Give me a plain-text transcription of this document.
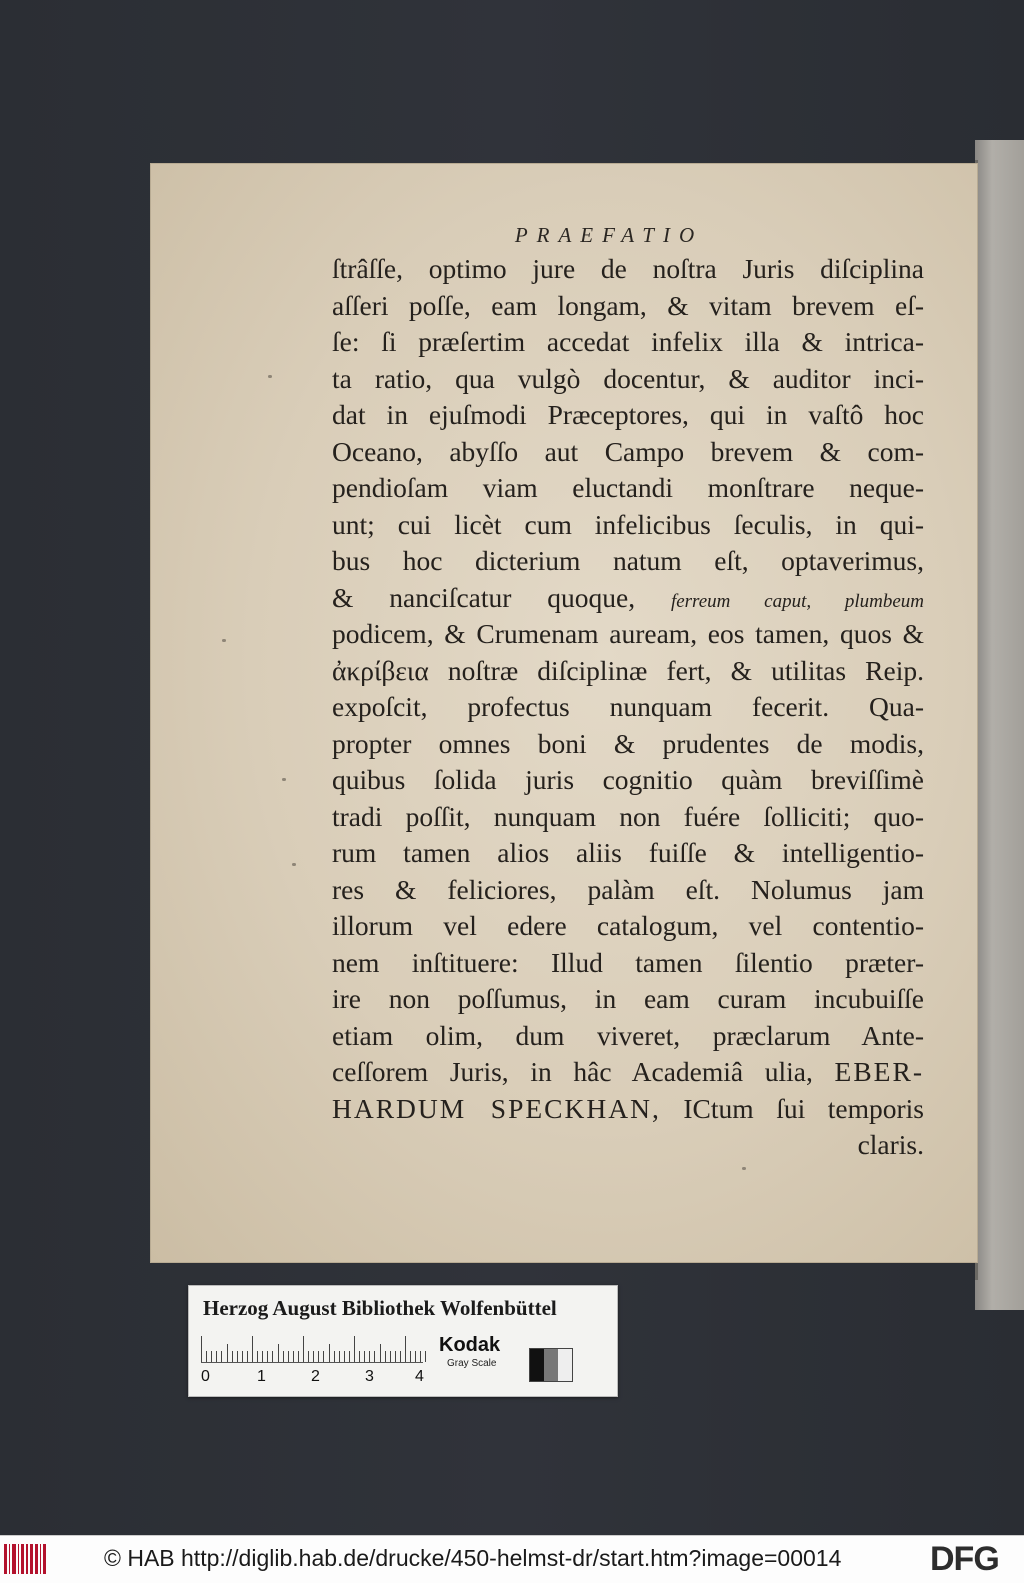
PRAEFATIO
ſtrâſſe, optimo jure de noſtra Juris diſciplina
aſſeri poſſe, eam longam, & vitam brevem eſ-
ſe: ſi præſertim accedat infelix illa & intrica-
ta ratio, qua vulgò docentur, & auditor inci-
dat in ejuſmodi Præceptores, qui in vaſtô hoc
Oceano, abyſſo aut Campo brevem & com-
pendioſam viam eluctandi monſtrare neque-
unt; cui licèt cum infelicibus ſeculis, in qui-
bus hoc dicterium natum eſt, optaverimus,
& nanciſcatur quoque, ferreum caput, plumbeum
podicem, & Crumenam auream, eos tamen, quos &
ἀκρίβεια noſtræ diſciplinæ fert, & utilitas Reip.
expoſcit, profectus nunquam fecerit. Qua-
propter omnes boni & prudentes de modis,
quibus ſolida juris cognitio quàm breviſſimè
tradi poſſit, nunquam non fuére ſolliciti; quo-
rum tamen alios aliis fuiſſe & intelligentio-
res & feliciores, palàm eſt. Nolumus jam
illorum vel edere catalogum, vel contentio-
nem inſtituere: Illud tamen ſilentio præter-
ire non poſſumus, in eam curam incubuiſſe
etiam olim, dum viveret, præclarum Ante-
ceſſorem Juris, in hâc Academiâ ulia, EBER-
HARDUM SPECKHAN, ICtum ſui temporis
claris.
Herzog August Bibliothek Wolfenbüttel
0	1	2	3	4
Kodak
Gray Scale
© HAB http://diglib.hab.de/drucke/450-helmst-dr/start.htm?image=00014	DFG
